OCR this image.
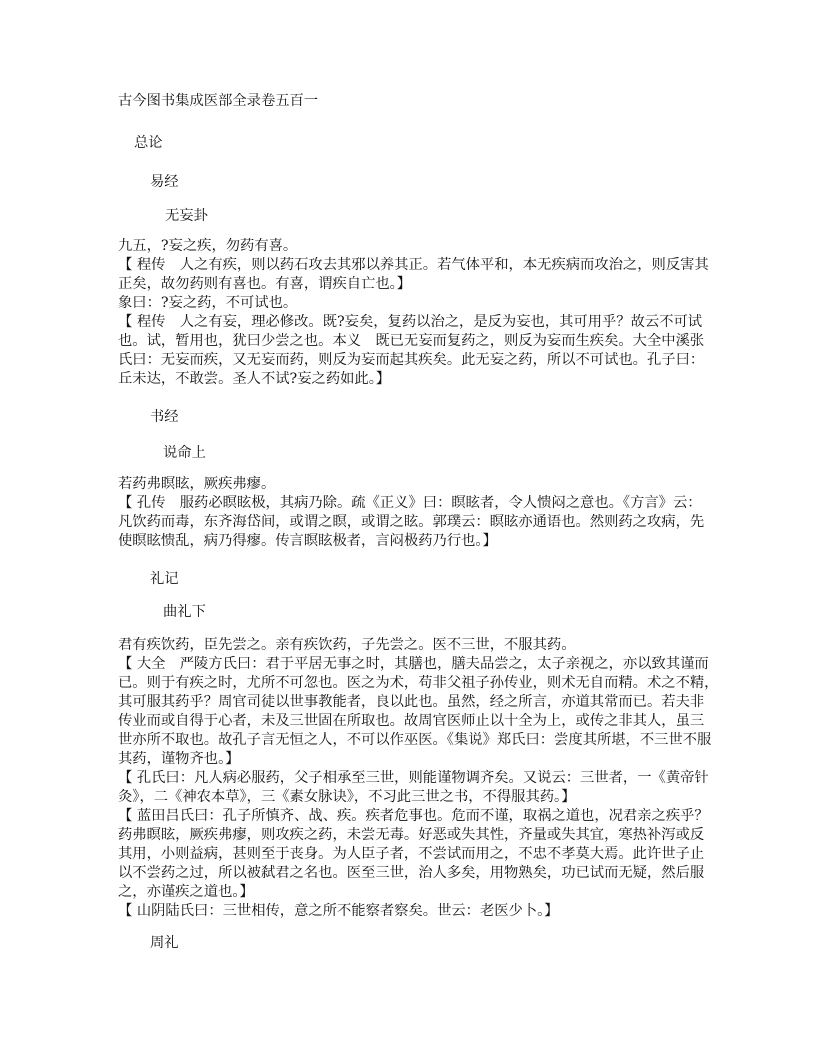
古今图书集成医部全录卷五百一
总论
易经
无妄卦
九五，?妄之疾，勿药有喜。
【 程传　人之有疾，则以药石攻去其邪以养其正。若气体平和，本无疾病而攻治之，则反害其
正矣，故勿药则有喜也。有喜，谓疾自亡也。】
象曰：?妄之药，不可试也。
【 程传　人之有妄，理必修改。既?妄矣，复药以治之，是反为妄也，其可用乎？故云不可试
也。试，暂用也，犹曰少尝之也。本义　既已无妄而复药之，则反为妄而生疾矣。大全中溪张
氏曰：无妄而疾，又无妄而药，则反为妄而起其疾矣。此无妄之药，所以不可试也。孔子曰：
丘未达，不敢尝。圣人不试?妄之药如此。】
书经
说命上
若药弗瞑眩，厥疾弗瘳。
【 孔传　服药必瞑眩极，其病乃除。疏《正义》曰：瞑眩者，令人愦闷之意也。《方言》云：
凡饮药而毒，东齐海岱间，或谓之瞑，或谓之眩。郭璞云：瞑眩亦通语也。然则药之攻病，先
使瞑眩愦乱，病乃得瘳。传言瞑眩极者，言闷极药乃行也。】
礼记
曲礼下
君有疾饮药，臣先尝之。亲有疾饮药，子先尝之。医不三世，不服其药。
【 大全　严陵方氏曰：君于平居无事之时，其膳也，膳夫品尝之，太子亲视之，亦以致其谨而
已。则于有疾之时，尤所不可忽也。医之为术，苟非父祖子孙传业，则术无自而精。术之不精，
其可服其药乎？周官司徒以世事教能者，良以此也。虽然，经之所言，亦道其常而已。若夫非
传业而或自得于心者，未及三世固在所取也。故周官医师止以十全为上，或传之非其人，虽三
世亦所不取也。故孔子言无恒之人，不可以作巫医。《集说》郑氏曰：尝度其所堪，不三世不服
其药，谨物齐也。】
【 孔氏曰：凡人病必服药，父子相承至三世，则能谨物调齐矣。又说云：三世者，一《黄帝针
灸》，二《神农本草》，三《素女脉诀》，不习此三世之书，不得服其药。】
【 蓝田吕氏曰：孔子所慎齐、战、疾。疾者危事也。危而不谨，取祸之道也，况君亲之疾乎？
药弗瞑眩，厥疾弗瘳，则攻疾之药，未尝无毒。好恶或失其性，齐量或失其宜，寒热补泻或反
其用，小则益病，甚则至于丧身。为人臣子者，不尝试而用之，不忠不孝莫大焉。此许世子止
以不尝药之过，所以被弑君之名也。医至三世，治人多矣，用物熟矣，功已试而无疑，然后服
之，亦谨疾之道也。】
【 山阴陆氏曰：三世相传，意之所不能察者察矣。世云：老医少卜。】
周礼
